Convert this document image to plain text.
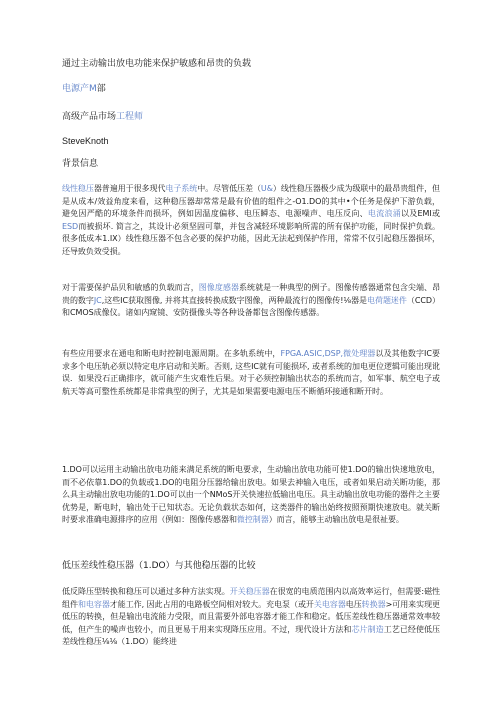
通过主动输出放电功能来保护敏感和昂贵的负载
电源产M部
高级产品市场工程师
SteveKnoth
背景信息
线性稳压器普遍用于很多现代电子系统中。尽管低压差（U&）线性稳压器极少成为级联中的最昂贵组件，但是从成本/效益角度来看，这种稳压器却常常是最有价值的组件之-O1.DO的其中•个任务是保护下游负载，避免因严酷的环境条件而损坏，例如因温度偏移、电压瞬态、电源噪声、电压反向、电流浪涌以及EMI或ESD而被损坏. 简言之，其设计必须坚固可靠，并包含减轻环境影响所需的所有保护功能，同时保护负载。很多低成本1.IX）线性稳压器不包含必要的保护功能，因此无法起到保护作用，常常不仅引起稳压器损坏，还导致负效受损。
对于需要保护品贝和敏感的负载而言，图像度感器系统就是一种典型的例子。图像传感器通常包含尖端、昂贵的数字JC,这些IC获取图像, 并将其直接转换成数字图像，两种最流行的图像传!⅛器是电荷题迷件（CCD）和CMOS成像仪。诸如内窥镜、安防摄像头等各种设备都包含图像传感器。
有些应用要求在通电和断电时控制电源周期。在多轨系统中，FPGA.ASIC,DSP,微处理器以及其他数字IC要求多个电压轨必须以特定电序启动和关断。否则, 这些IC就有可能损坏, 或者系统的加电更位逻辑可能出现讹误．如果没石正确排序，就可能产生灾难性后果。对于必须控制输出状态的系统而言，如军事、航空电子或航天等高可整性系统都是非常典型的例子，尤其是如果需要电源电压不断循环接通和断开时。
1.DO可以运用主动输出放电功能来满足系统的断电要求，生动输出放电功能可使1.DO的输出快速地放电，而不必依靠1.DO的负载或1.DO的电阻分压器给输出放电。如果去神输入电压，或者如果启动关断功能，那么具主动输出放电功能的1.DO可以由一个NMoS开关快速拉低输出电压。具主动输出放电功能的器件之主要优势是，断电时，输出处于已知状态。无论负载状态如何，这类器件的输出始终按照预期快速放电。就关断时要求准确电源排序的应用（例如：图像传感器和微控制器）而言，能够主动输出放电是很祉要。
低压差线性稳压器（1.DO）与其他稳压器的比较
低反降压型转换和稳压可以通过多种方法实现。开关稳压器在很宽的电质范围内以高效率运行，但需要:磁性组件和电容器才能工作, 因此占用的电路板空间相对较大。充电泵（或开关电容器电压转换器>可用来实现更低压的转换，但是输出电流能力受限，而且需要外部电容器才能工作和稳定。低压差线性稳压器通常效率较低，但产生的噪声也较小，而且更易于用来实现降压应用。不过，现代设计方法和芯片制造工艺已经使低压差线性稳压⅛⅛（1.DO）能终进
